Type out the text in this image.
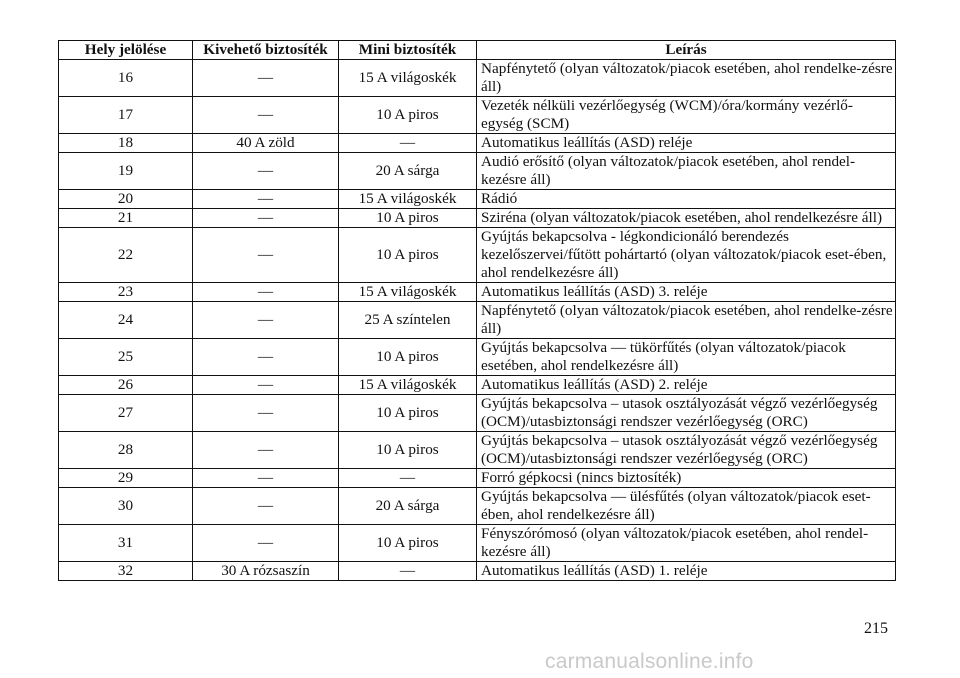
Hely jelölése	Kivehető biztosíték	Mini biztosíték	Leírás
16	—	15 A világoskék	Napfénytető (olyan változatok/piacok esetében, ahol rendelke-zésre áll)
17	—	10 A piros	Vezeték nélküli vezérlőegység (WCM)/óra/kormány vezérlő-egység (SCM)
18	40 A zöld	—	Automatikus leállítás (ASD) reléje
19	—	20 A sárga	Audió erősítő (olyan változatok/piacok esetében, ahol rendel-kezésre áll)
20	—	15 A világoskék	Rádió
21	—	10 A piros	Sziréna (olyan változatok/piacok esetében, ahol rendelkezésre áll)
22	—	10 A piros	Gyújtás bekapcsolva - légkondicionáló berendezés kezelőszervei/fűtött pohártartó (olyan változatok/piacok eset-ében, ahol rendelkezésre áll)
23	—	15 A világoskék	Automatikus leállítás (ASD) 3. reléje
24	—	25 A színtelen	Napfénytető (olyan változatok/piacok esetében, ahol rendelke-zésre áll)
25	—	10 A piros	Gyújtás bekapcsolva — tükörfűtés (olyan változatok/piacok esetében, ahol rendelkezésre áll)
26	—	15 A világoskék	Automatikus leállítás (ASD) 2. reléje
27	—	10 A piros	Gyújtás bekapcsolva – utasok osztályozását végző vezérlőegység (OCM)/utasbiztonsági rendszer vezérlőegység (ORC)
28	—	10 A piros	Gyújtás bekapcsolva – utasok osztályozását végző vezérlőegység (OCM)/utasbiztonsági rendszer vezérlőegység (ORC)
29	—	—	Forró gépkocsi (nincs biztosíték)
30	—	20 A sárga	Gyújtás bekapcsolva — ülésfűtés (olyan változatok/piacok eset-ében, ahol rendelkezésre áll)
31	—	10 A piros	Fényszórómosó (olyan változatok/piacok esetében, ahol rendel-kezésre áll)
32	30 A rózsaszín	—	Automatikus leállítás (ASD) 1. reléje
215
carmanualsonline.info
